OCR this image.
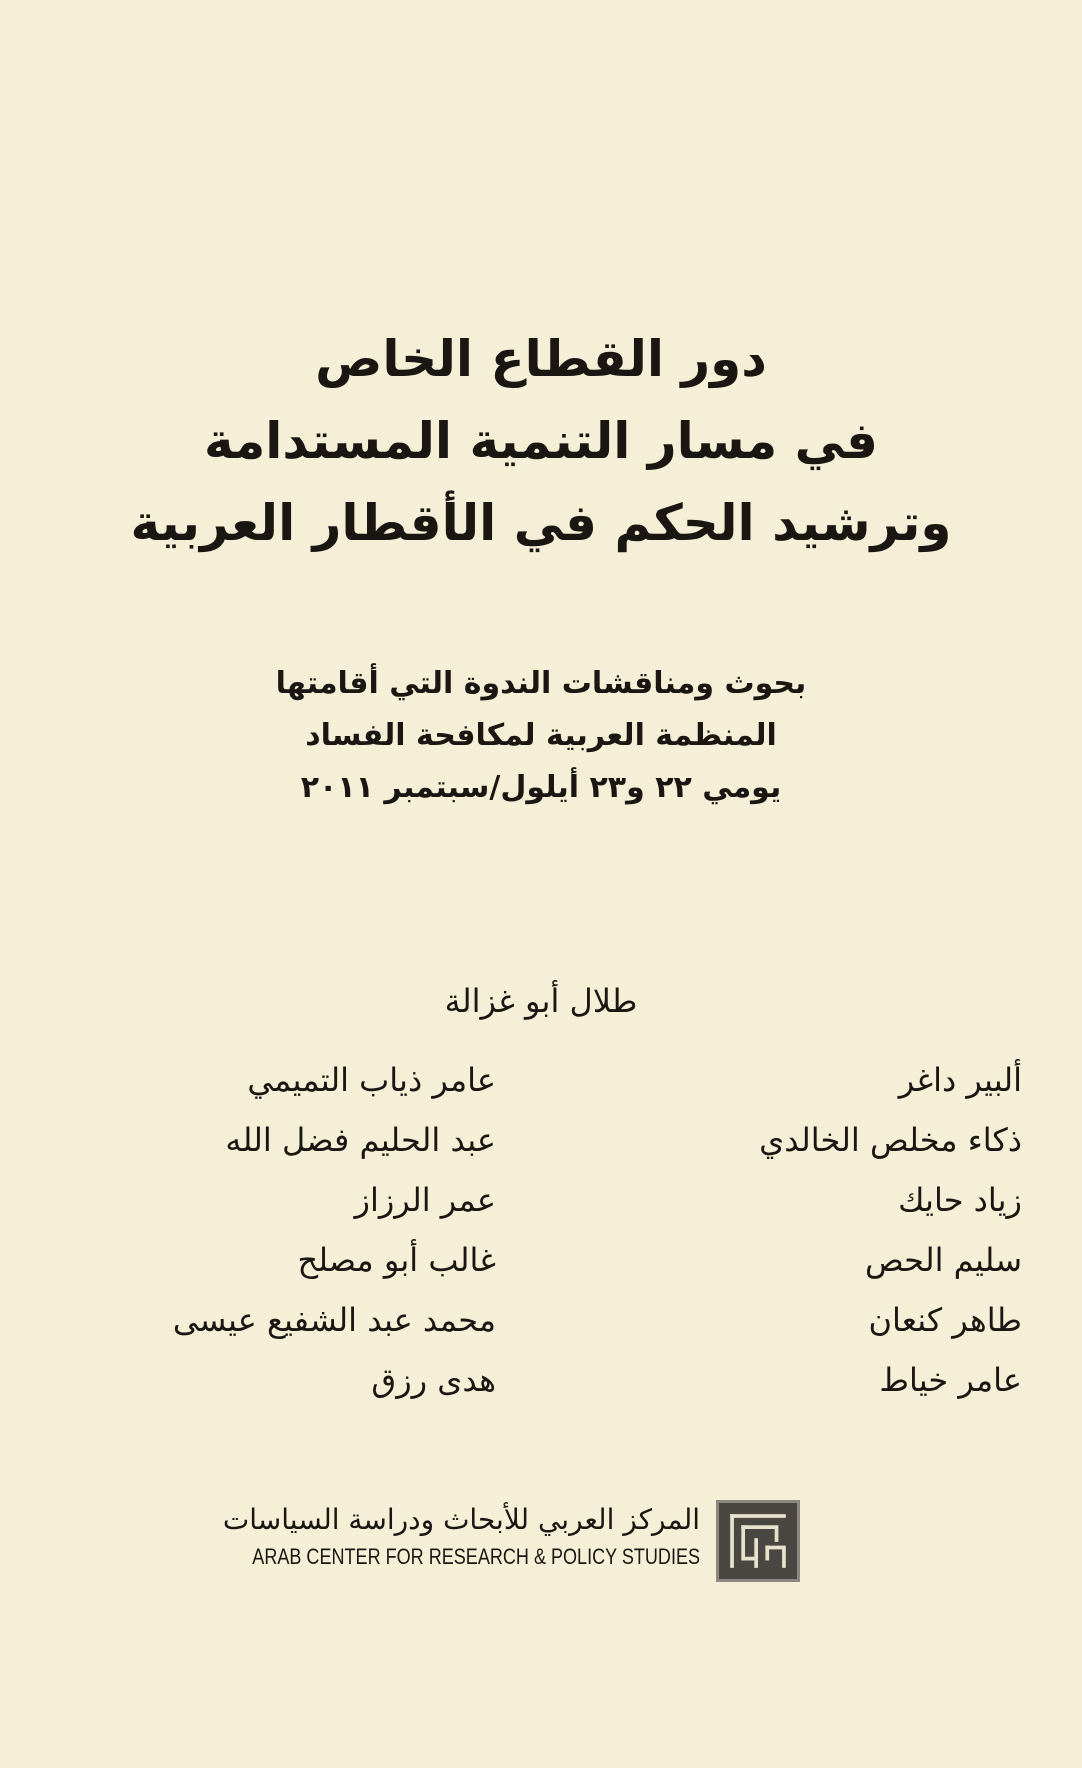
دور القطاع الخاص
في مسار التنمية المستدامة
وترشيد الحكم في الأقطار العربية
بحوث ومناقشات الندوة التي أقامتها
المنظمة العربية لمكافحة الفساد
يومي ٢٢ و٢٣ أيلول/سبتمبر ٢٠١١
طلال أبو غزالة
ألبير داغر
عامر ذياب التميمي
ذكاء مخلص الخالدي
عبد الحليم فضل الله
زياد حايك
عمر الرزاز
سليم الحص
غالب أبو مصلح
طاهر كنعان
محمد عبد الشفيع عيسى
عامر خياط
هدى رزق
المركز العربي للأبحاث ودراسة السياسات
ARAB CENTER FOR RESEARCH & POLICY STUDIES
